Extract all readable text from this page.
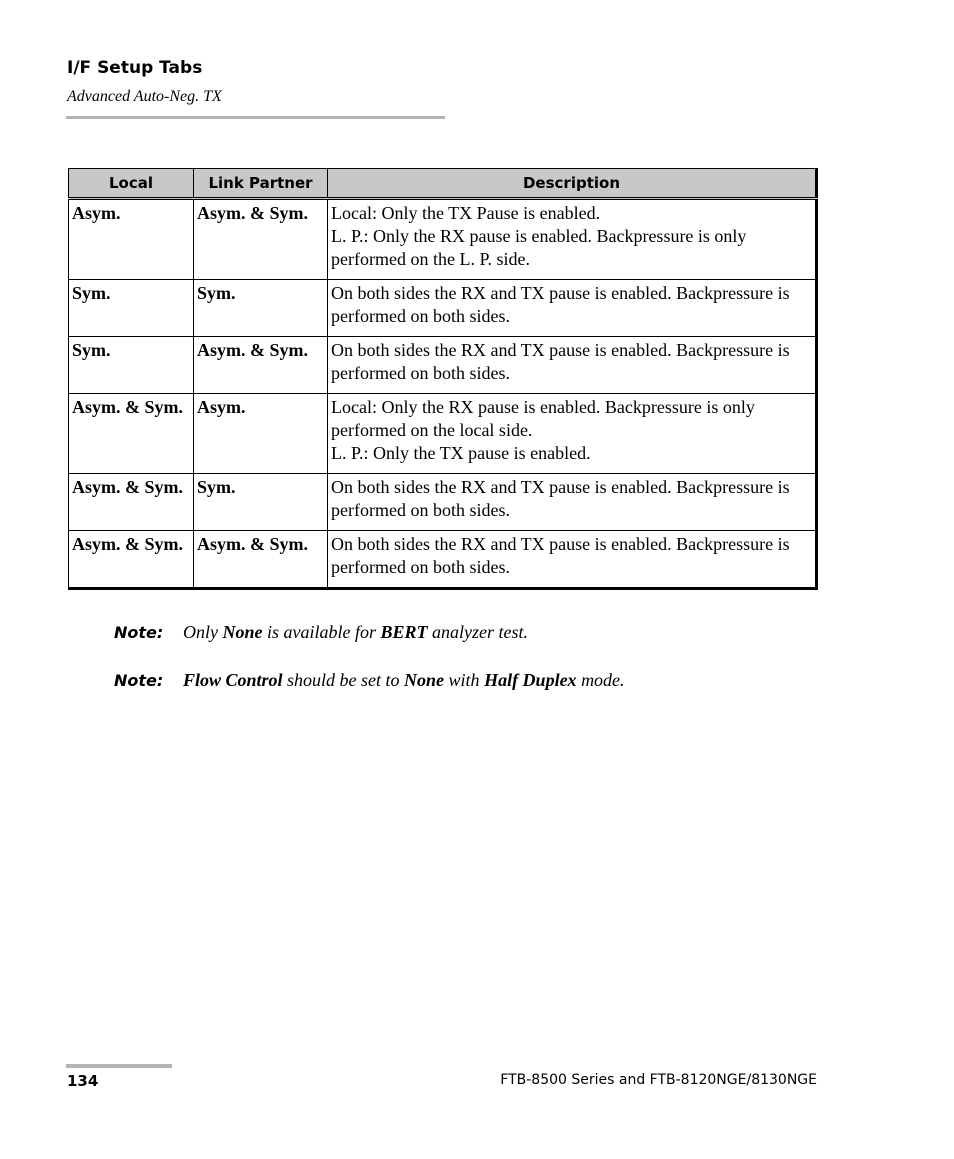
I/F Setup Tabs
Advanced Auto-Neg. TX
Local	Link Partner	Description
Asym.	Asym. & Sym.	Local: Only the TX Pause is enabled.
L. P.: Only the RX pause is enabled. Backpressure is only performed on the L. P. side.

Sym.	Sym.	On both sides the RX and TX pause is enabled. Backpressure is performed on both sides.

Sym.	Asym. & Sym.	On both sides the RX and TX pause is enabled. Backpressure is performed on both sides.

Asym. & Sym.	Asym.	Local: Only the RX pause is enabled. Backpressure is only performed on the local side.
L. P.: Only the TX pause is enabled.

Asym. & Sym.	Sym.	On both sides the RX and TX pause is enabled. Backpressure is performed on both sides.

Asym. & Sym.	Asym. & Sym.	On both sides the RX and TX pause is enabled. Backpressure is performed on both sides.
Note: Only None is available for BERT analyzer test.
Note: Flow Control should be set to None with Half Duplex mode.
134	FTB-8500 Series and FTB-8120NGE/8130NGE
